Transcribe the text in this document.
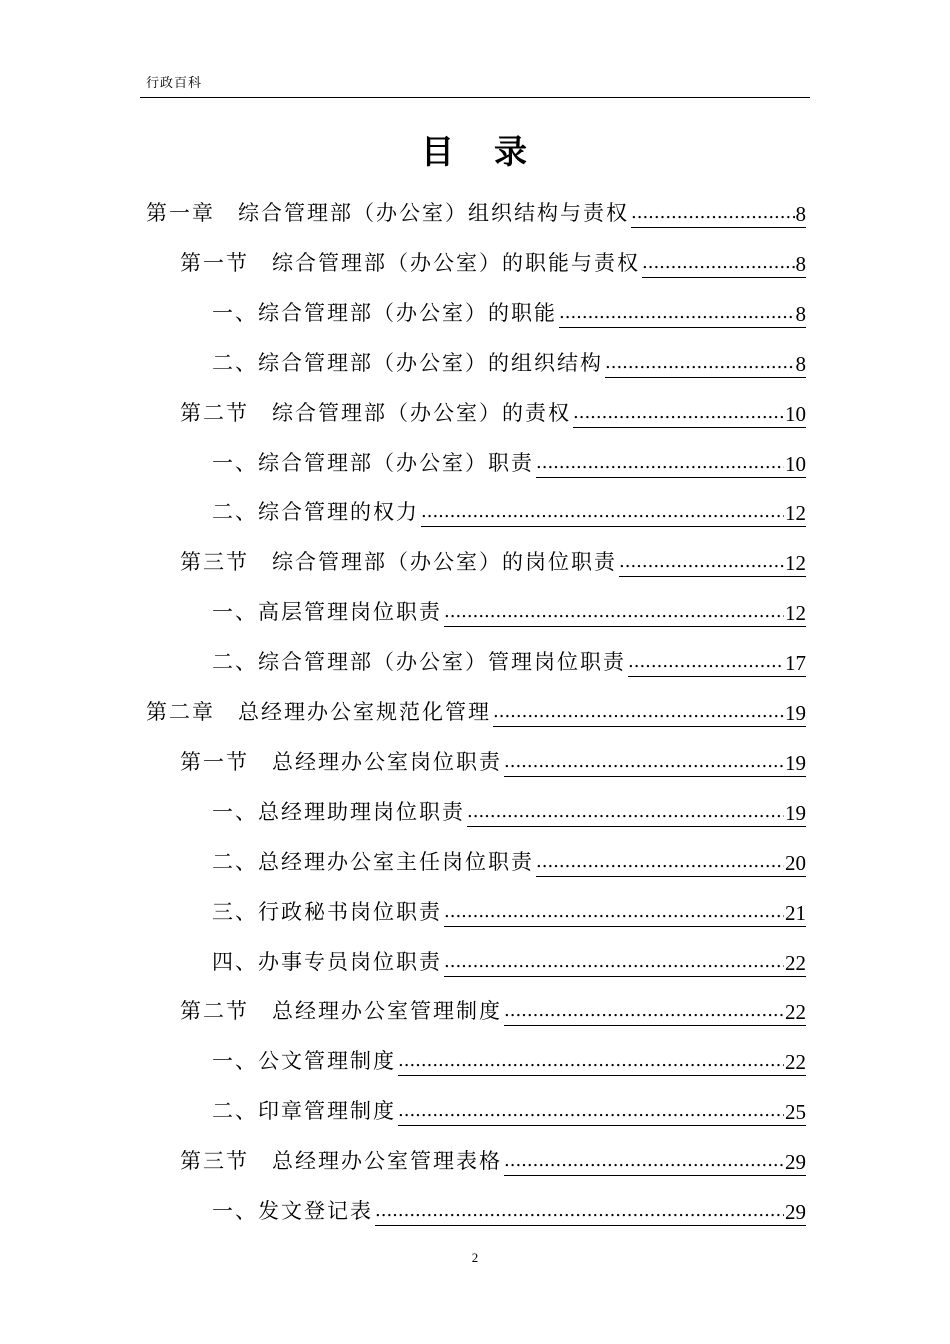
行政百科
目 录
第一章　综合管理部（办公室）组织结构与责权 .....	8
第一节　综合管理部（办公室）的职能与责权 .....	8
一、综合管理部（办公室）的职能 .....	8
二、综合管理部（办公室）的组织结构 .....	8
第二节　综合管理部（办公室）的责权 .....	10
一、综合管理部（办公室）职责 .....	10
二、综合管理的权力 .....	12
第三节　综合管理部（办公室）的岗位职责 .....	12
一、高层管理岗位职责 .....	12
二、综合管理部（办公室）管理岗位职责 .....	17
第二章　总经理办公室规范化管理 .....	19
第一节　总经理办公室岗位职责 .....	19
一、总经理助理岗位职责 .....	19
二、总经理办公室主任岗位职责 .....	20
三、行政秘书岗位职责 .....	21
四、办事专员岗位职责 .....	22
第二节　总经理办公室管理制度 .....	22
一、公文管理制度 .....	22
二、印章管理制度 .....	25
第三节　总经理办公室管理表格 .....	29
一、发文登记表 .....	29
2
